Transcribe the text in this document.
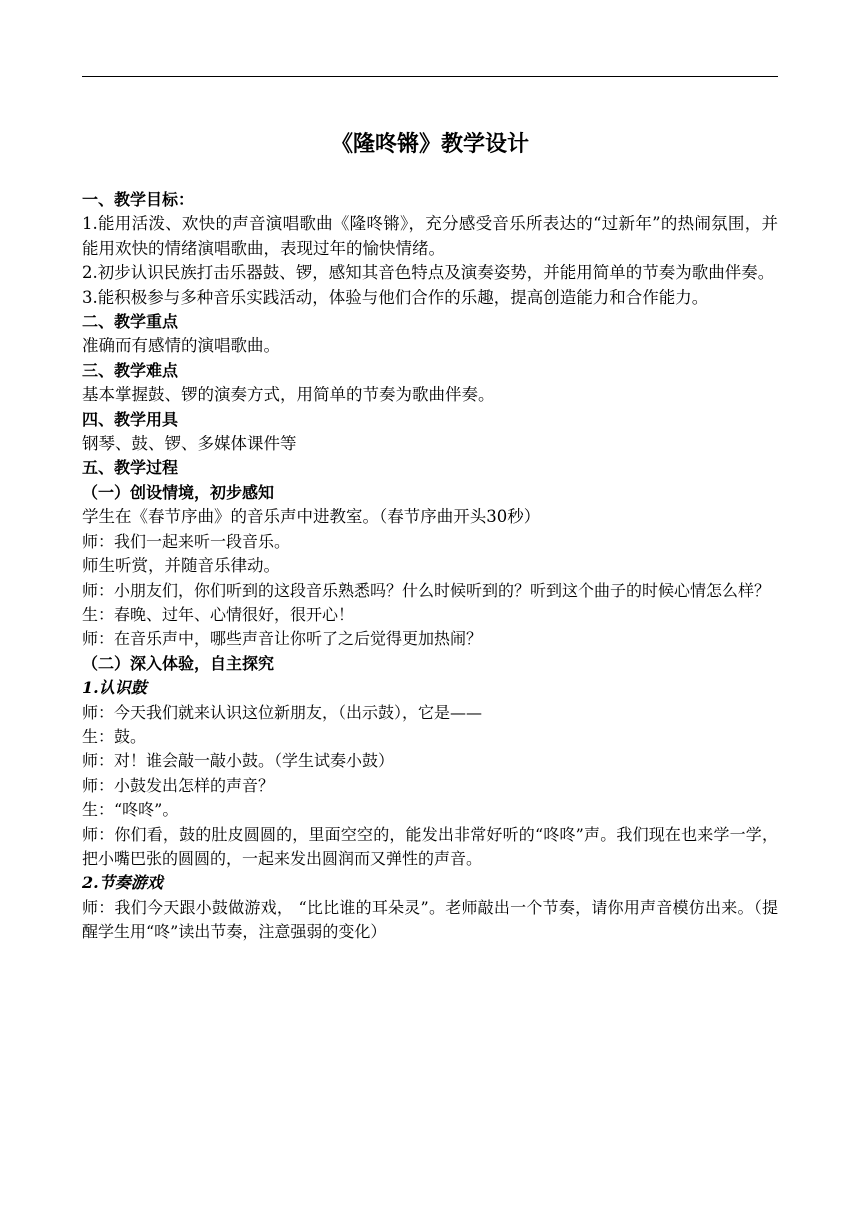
《隆咚锵》教学设计

一、教学目标：

1.能用活泼、欢快的声音演唱歌曲《隆咚锵》，充分感受音乐所表达的“过新年”的热闹氛围，并能用欢快的情绪演唱歌曲，表现过年的愉快情绪。

2.初步认识民族打击乐器鼓、锣，感知其音色特点及演奏姿势，并能用简单的节奏为歌曲伴奏。

3.能积极参与多种音乐实践活动，体验与他们合作的乐趣，提高创造能力和合作能力。

二、教学重点

准确而有感情的演唱歌曲。

三、教学难点

基本掌握鼓、锣的演奏方式，用简单的节奏为歌曲伴奏。

四、教学用具

钢琴、鼓、锣、多媒体课件等

五、教学过程

（一）创设情境，初步感知

学生在《春节序曲》的音乐声中进教室。（春节序曲开头30秒）

师：我们一起来听一段音乐。

师生听赏，并随音乐律动。

师：小朋友们，你们听到的这段音乐熟悉吗？什么时候听到的？听到这个曲子的时候心情怎么样？

生：春晚、过年、心情很好，很开心！

师：在音乐声中，哪些声音让你听了之后觉得更加热闹？

（二）深入体验，自主探究

1.认识鼓

师：今天我们就来认识这位新朋友，（出示鼓），它是——

生：鼓。

师：对！谁会敲一敲小鼓。（学生试奏小鼓）

师：小鼓发出怎样的声音？

生：“咚咚”。

师：你们看，鼓的肚皮圆圆的，里面空空的，能发出非常好听的“咚咚”声。我们现在也来学一学，把小嘴巴张的圆圆的，一起来发出圆润而又弹性的声音。

2.节奏游戏

师：我们今天跟小鼓做游戏， “比比谁的耳朵灵”。老师敲出一个节奏，请你用声音模仿出来。（提醒学生用“咚”读出节奏，注意强弱的变化）
